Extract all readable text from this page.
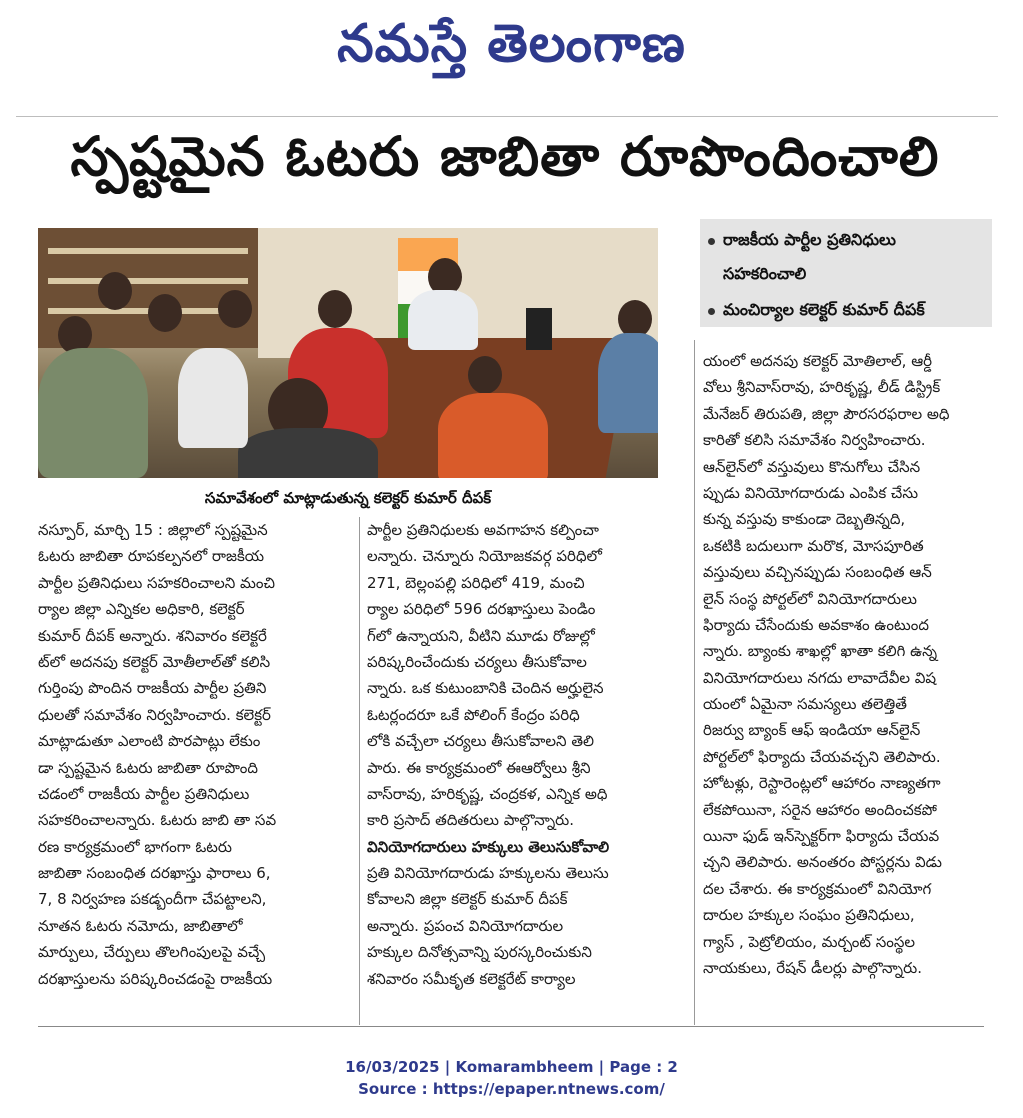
నమస్తే తెలంగాణ
స్పష్టమైన ఓటరు జాబితా రూపొందించాలి
సమావేశంలో మాట్లాడుతున్న కలెక్టర్ కుమార్ దీపక్
రాజకీయ పార్టీల ప్రతినిధులు
సహకరించాలి
మంచిర్యాల కలెక్టర్ కుమార్ దీపక్
నస్పూర్, మార్చి 15 : జిల్లాలో స్పష్టమైన
ఓటరు జాబితా రూపకల్పనలో రాజకీయ
పార్టీల ప్రతినిధులు సహకరించాలని మంచి
ర్యాల జిల్లా ఎన్నికల అధికారి, కలెక్టర్
కుమార్ దీపక్ అన్నారు. శనివారం కలెక్టరే
ట్‌లో అదనపు కలెక్టర్ మోతీలాల్‌తో కలిసి
గుర్తింపు పొందిన రాజకీయ పార్టీల ప్రతిని
ధులతో సమావేశం నిర్వహించారు. కలెక్టర్
మాట్లాడుతూ ఎలాంటి పొరపాట్లు లేకుం
డా స్పష్టమైన ఓటరు జాబితా రూపొంది
చడంలో రాజకీయ పార్టీల ప్రతినిధులు
సహకరించాలన్నారు. ఓటరు జాబి తా సవ
రణ కార్యక్రమంలో భాగంగా ఓటరు
జాబితా సంబంధిత దరఖాస్తు ఫారాలు 6,
7, 8 నిర్వహణ పకడ్బందీగా చేపట్టాలని,
నూతన ఓటరు నమోదు, జాబితాలో
మార్పులు, చేర్పులు తొలగింపులపై వచ్చే
దరఖాస్తులను పరిష్కరించడంపై రాజకీయ
పార్టీల ప్రతినిధులకు అవగాహన కల్పించా
లన్నారు. చెన్నూరు నియోజకవర్గ పరిధిలో
271, బెల్లంపల్లి పరిధిలో 419, మంచి
ర్యాల పరిధిలో 596 దరఖాస్తులు పెండిం
గ్‌లో ఉన్నాయని, వీటిని మూడు రోజుల్లో
పరిష్కరించేందుకు చర్యలు తీసుకోవాల
న్నారు. ఒక కుటుంబానికి చెందిన అర్హులైన
ఓటర్లందరూ ఒకే పోలింగ్ కేంద్రం పరిధి
లోకి వచ్చేలా చర్యలు తీసుకోవాలని తెలి
పారు. ఈ కార్యక్రమంలో ఈఆర్వోలు శ్రీని
వాస్‌రావు, హరికృష్ణ, చంద్రకళ, ఎన్నిక అధి
కారి ప్రసాద్ తదితరులు పాల్గొన్నారు.
వినియోగదారులు హక్కులు తెలుసుకోవాలి
ప్రతి వినియోగదారుడు హక్కులను తెలుసు
కోవాలని జిల్లా కలెక్టర్ కుమార్ దీపక్
అన్నారు. ప్రపంచ వినియోగదారుల
హక్కుల దినోత్సవాన్ని పురస్కరించుకుని
శనివారం సమీకృత కలెక్టరేట్ కార్యాల
యంలో అదనపు కలెక్టర్ మోతిలాల్, ఆర్డీ
వోలు శ్రీనివాస్‌రావు, హరికృష్ణ, లీడ్ డిస్ట్రిక్
మేనేజర్ తిరుపతి, జిల్లా పౌరసరఫరాల అధి
కారితో కలిసి సమావేశం నిర్వహించారు.
ఆన్‌లైన్‌లో వస్తువులు కొనుగోలు చేసిన
ప్పుడు వినియోగదారుడు ఎంపిక చేసు
కున్న వస్తువు కాకుండా దెబ్బతిన్నది,
ఒకటికి బదులుగా మరొక, మోసపూరిత
వస్తువులు వచ్చినప్పుడు సంబంధిత ఆన్
లైన్ సంస్థ పోర్టల్‌లో వినియోగదారులు
ఫిర్యాదు చేసేందుకు అవకాశం ఉంటుంద
న్నారు. బ్యాంకు శాఖల్లో ఖాతా కలిగి ఉన్న
వినియోగదారులు నగదు లావాదేవీల విష
యంలో ఏమైనా సమస్యలు తలెత్తితే
రిజర్వు బ్యాంక్ ఆఫ్ ఇండియా ఆన్‌లైన్
పోర్టల్‌లో ఫిర్యాదు చేయవచ్చని తెలిపారు.
హోటళ్లు, రెస్టారెంట్లలో ఆహారం నాణ్యతగా
లేకపోయినా, సరైన ఆహారం అందించకపో
యినా ఫుడ్ ఇన్‌స్పెక్టర్‌గా ఫిర్యాదు చేయవ
చ్చని తెలిపారు. అనంతరం పోస్టర్లను విడు
దల చేశారు. ఈ కార్యక్రమంలో వినియోగ
దారుల హక్కుల సంఘం ప్రతినిధులు,
గ్యాస్ , పెట్రోలియం, మర్చంట్ సంస్థల
నాయకులు, రేషన్ డీలర్లు పాల్గొన్నారు.
16/03/2025 | Komarambheem | Page : 2
Source : https://epaper.ntnews.com/
